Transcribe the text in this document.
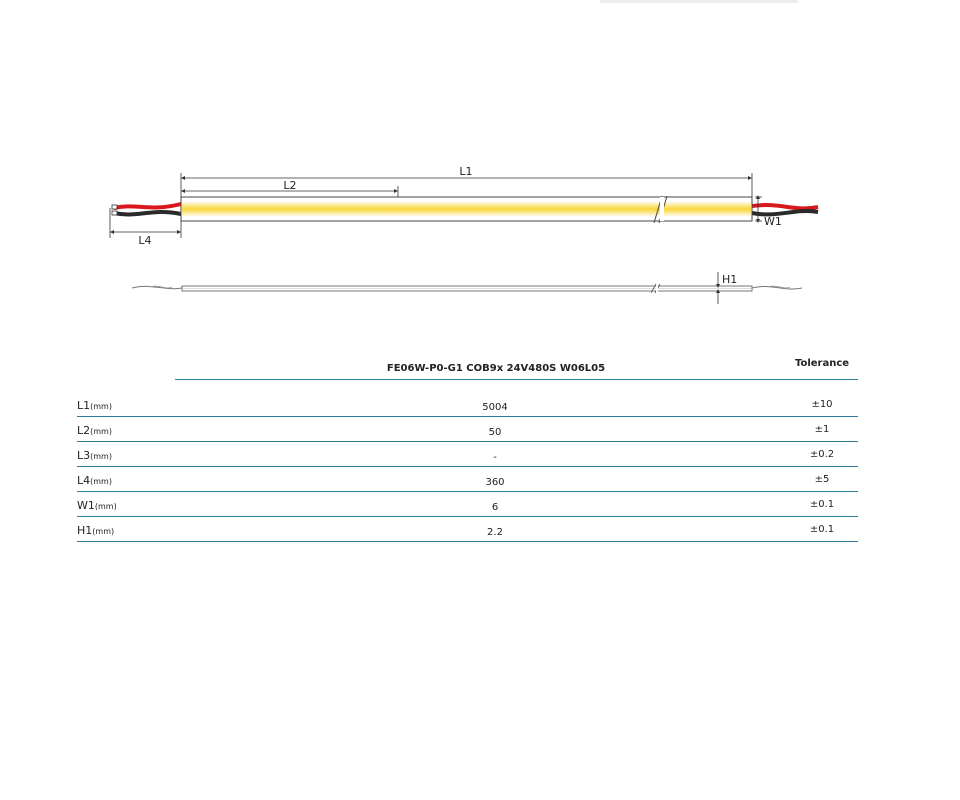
L1
L2
L4
W1
H1
FE06W-P0-G1 COB9x 24V480S W06L05	Tolerance
L1(mm)	5004	±10
L2(mm)	50	±1
L3(mm)	-	±0.2
L4(mm)	360	±5
W1(mm)	6	±0.1
H1(mm)	2.2	±0.1
